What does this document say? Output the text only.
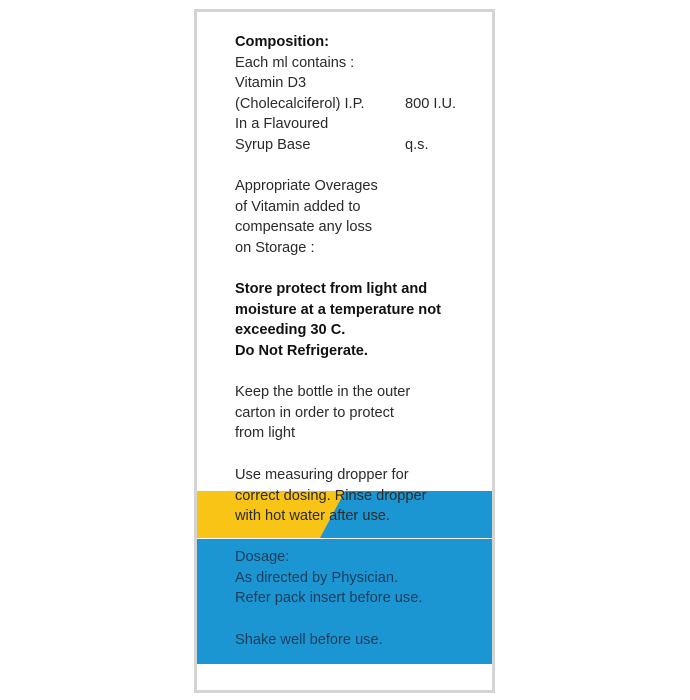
Composition:
Each ml contains :
Vitamin D3
(Cholecalciferol) I.P.	800 I.U.
In a Flavoured
Syrup Base	q.s.
Appropriate Overages
of Vitamin added to
compensate any loss
on Storage :
Store protect from light and
moisture at a temperature not
exceeding 30 C.
Do Not Refrigerate.
Keep the bottle in the outer
carton in order to protect
from light
Use measuring dropper for
correct dosing. Rinse dropper
with hot water after use.
Dosage:
As directed by Physician.
Refer pack insert before use.
Shake well before use.
